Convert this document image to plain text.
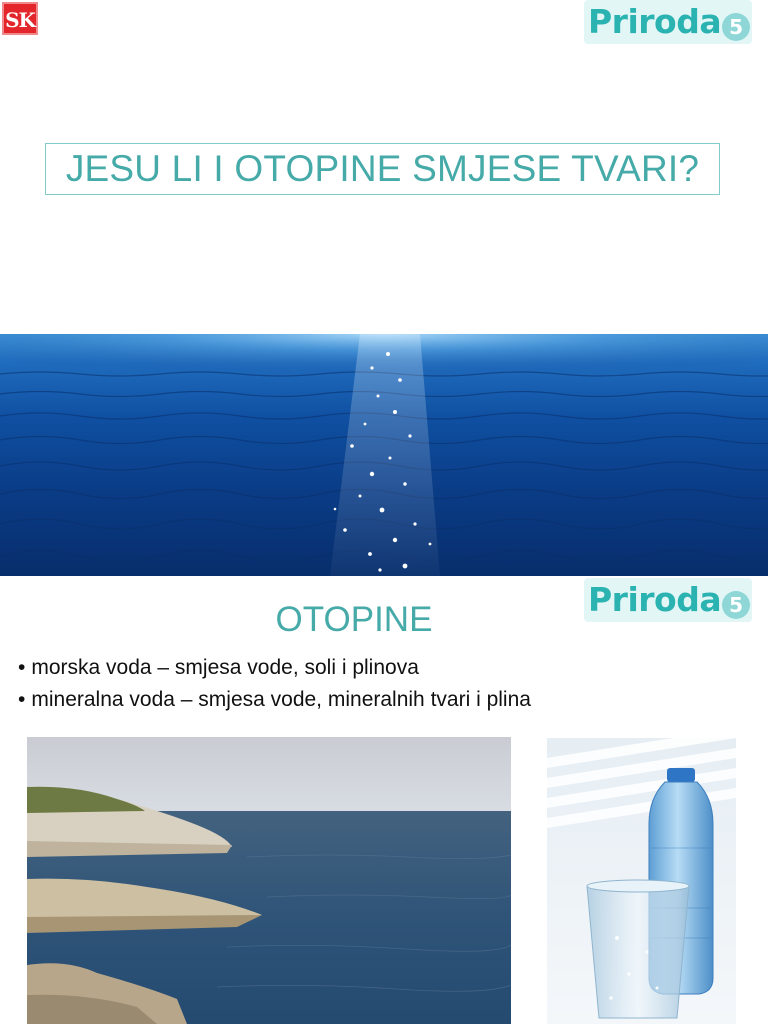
SK	Priroda 5
JESU LI I OTOPINE SMJESE TVARI?
Priroda 5
OTOPINE
• morska voda – smjesa vode, soli i plinova
• mineralna voda – smjesa vode, mineralnih tvari i plina
